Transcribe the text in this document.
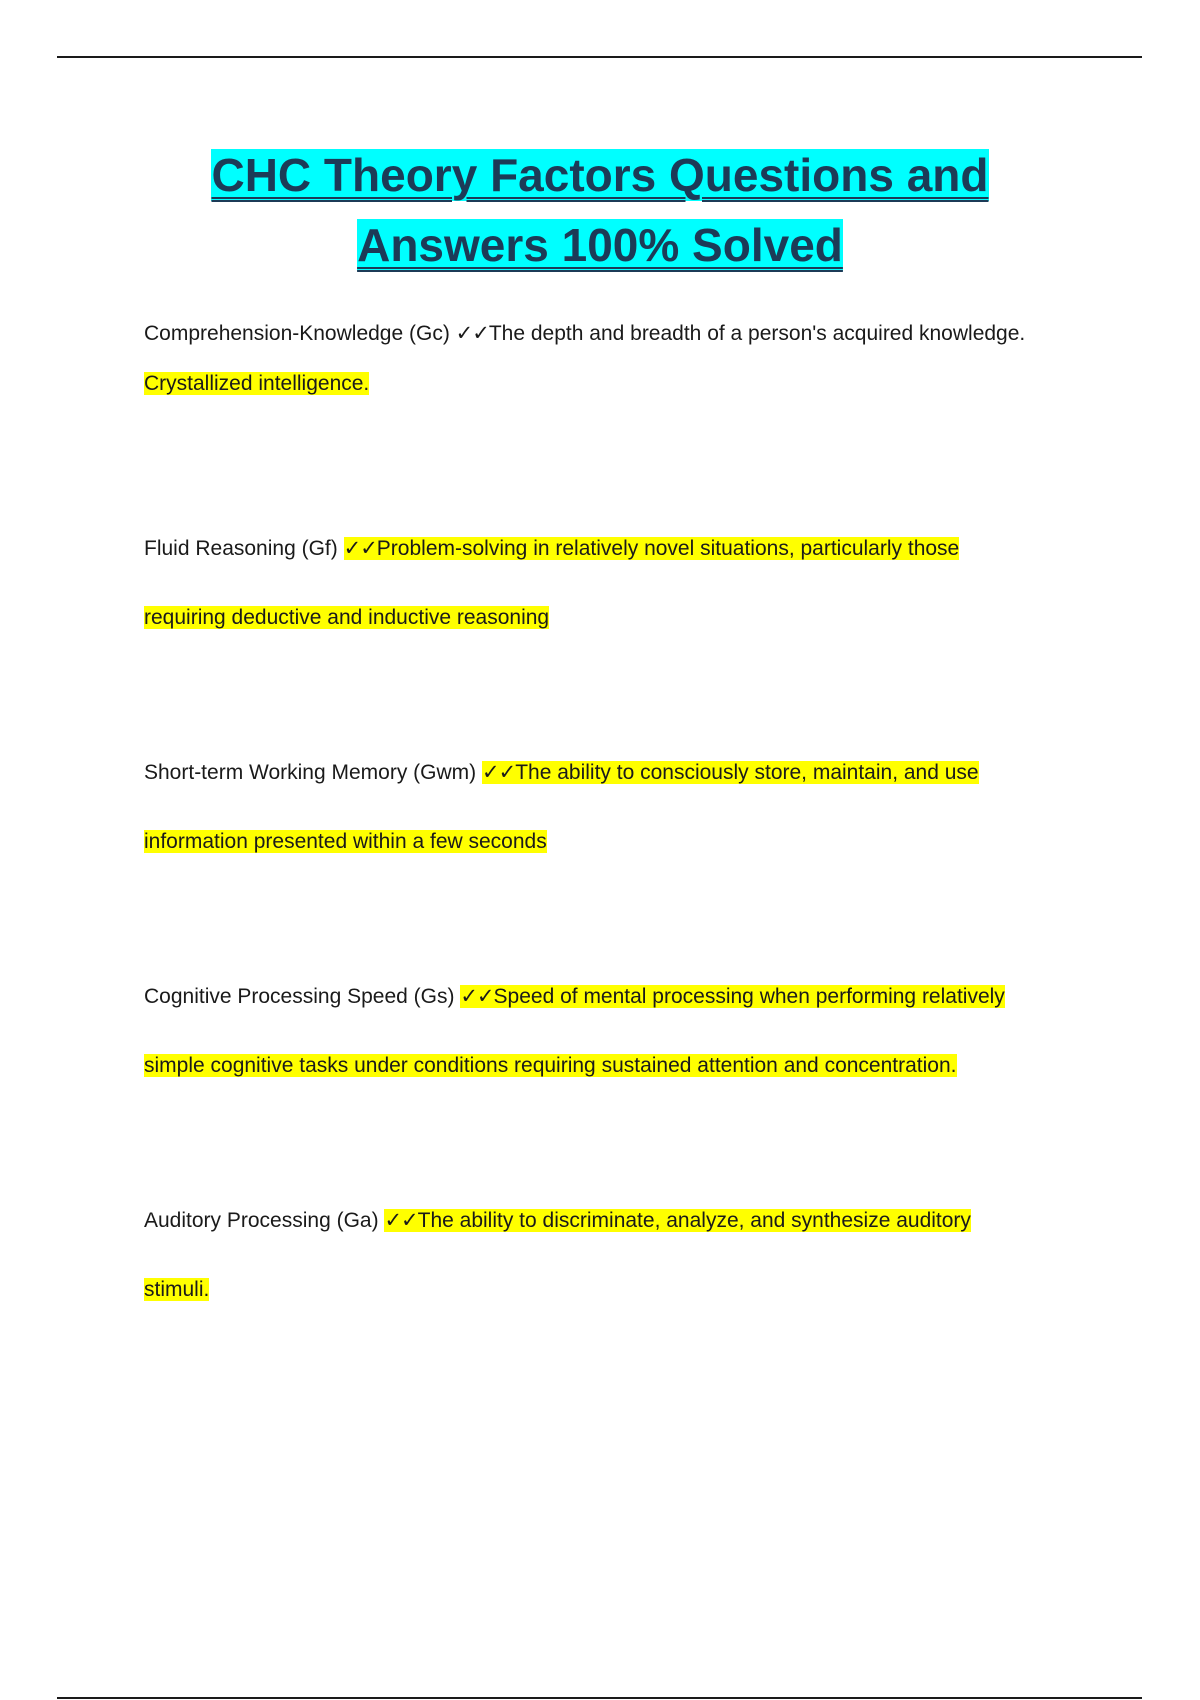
CHC Theory Factors Questions and
Answers 100% Solved

Comprehension-Knowledge (Gc) ✓✓The depth and breadth of a person's acquired knowledge.

Crystallized intelligence.

Fluid Reasoning (Gf) ✓✓Problem-solving in relatively novel situations, particularly those

requiring deductive and inductive reasoning

Short-term Working Memory (Gwm) ✓✓The ability to consciously store, maintain, and use

information presented within a few seconds

Cognitive Processing Speed (Gs) ✓✓Speed of mental processing when performing relatively

simple cognitive tasks under conditions requiring sustained attention and concentration.

Auditory Processing (Ga) ✓✓The ability to discriminate, analyze, and synthesize auditory

stimuli.
